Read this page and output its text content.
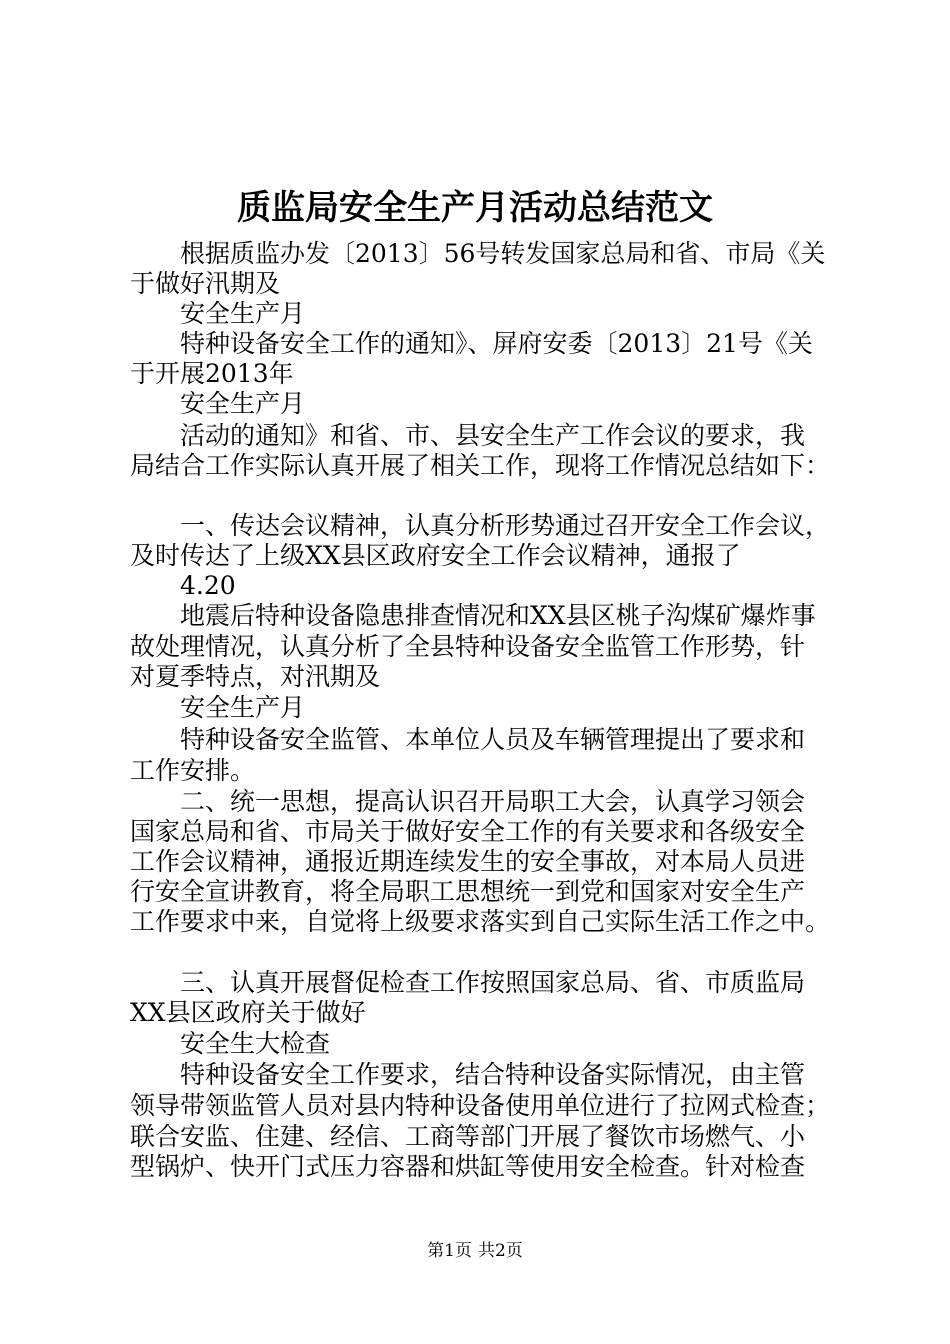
质监局安全生产月活动总结范文

根据质监办发〔2013〕56号转发国家总局和省、市局《关

于做好汛期及

安全生产月

特种设备安全工作的通知》、屏府安委〔2013〕21号《关

于开展2013年

安全生产月

活动的通知》和省、市、县安全生产工作会议的要求，我

局结合工作实际认真开展了相关工作，现将工作情况总结如下：

一、传达会议精神，认真分析形势通过召开安全工作会议，

及时传达了上级XX县区政府安全工作会议精神，通报了

4.20

地震后特种设备隐患排查情况和XX县区桃子沟煤矿爆炸事

故处理情况，认真分析了全县特种设备安全监管工作形势，针

对夏季特点，对汛期及

安全生产月

特种设备安全监管、本单位人员及车辆管理提出了要求和

工作安排。

二、统一思想，提高认识召开局职工大会，认真学习领会

国家总局和省、市局关于做好安全工作的有关要求和各级安全

工作会议精神，通报近期连续发生的安全事故，对本局人员进

行安全宣讲教育，将全局职工思想统一到党和国家对安全生产

工作要求中来，自觉将上级要求落实到自己实际生活工作之中。

三、认真开展督促检查工作按照国家总局、省、市质监局

XX县区政府关于做好

安全生大检查

特种设备安全工作要求，结合特种设备实际情况，由主管

领导带领监管人员对县内特种设备使用单位进行了拉网式检查；

联合安监、住建、经信、工商等部门开展了餐饮市场燃气、小

型锅炉、快开门式压力容器和烘缸等使用安全检查。针对检查

第1页 共2页
